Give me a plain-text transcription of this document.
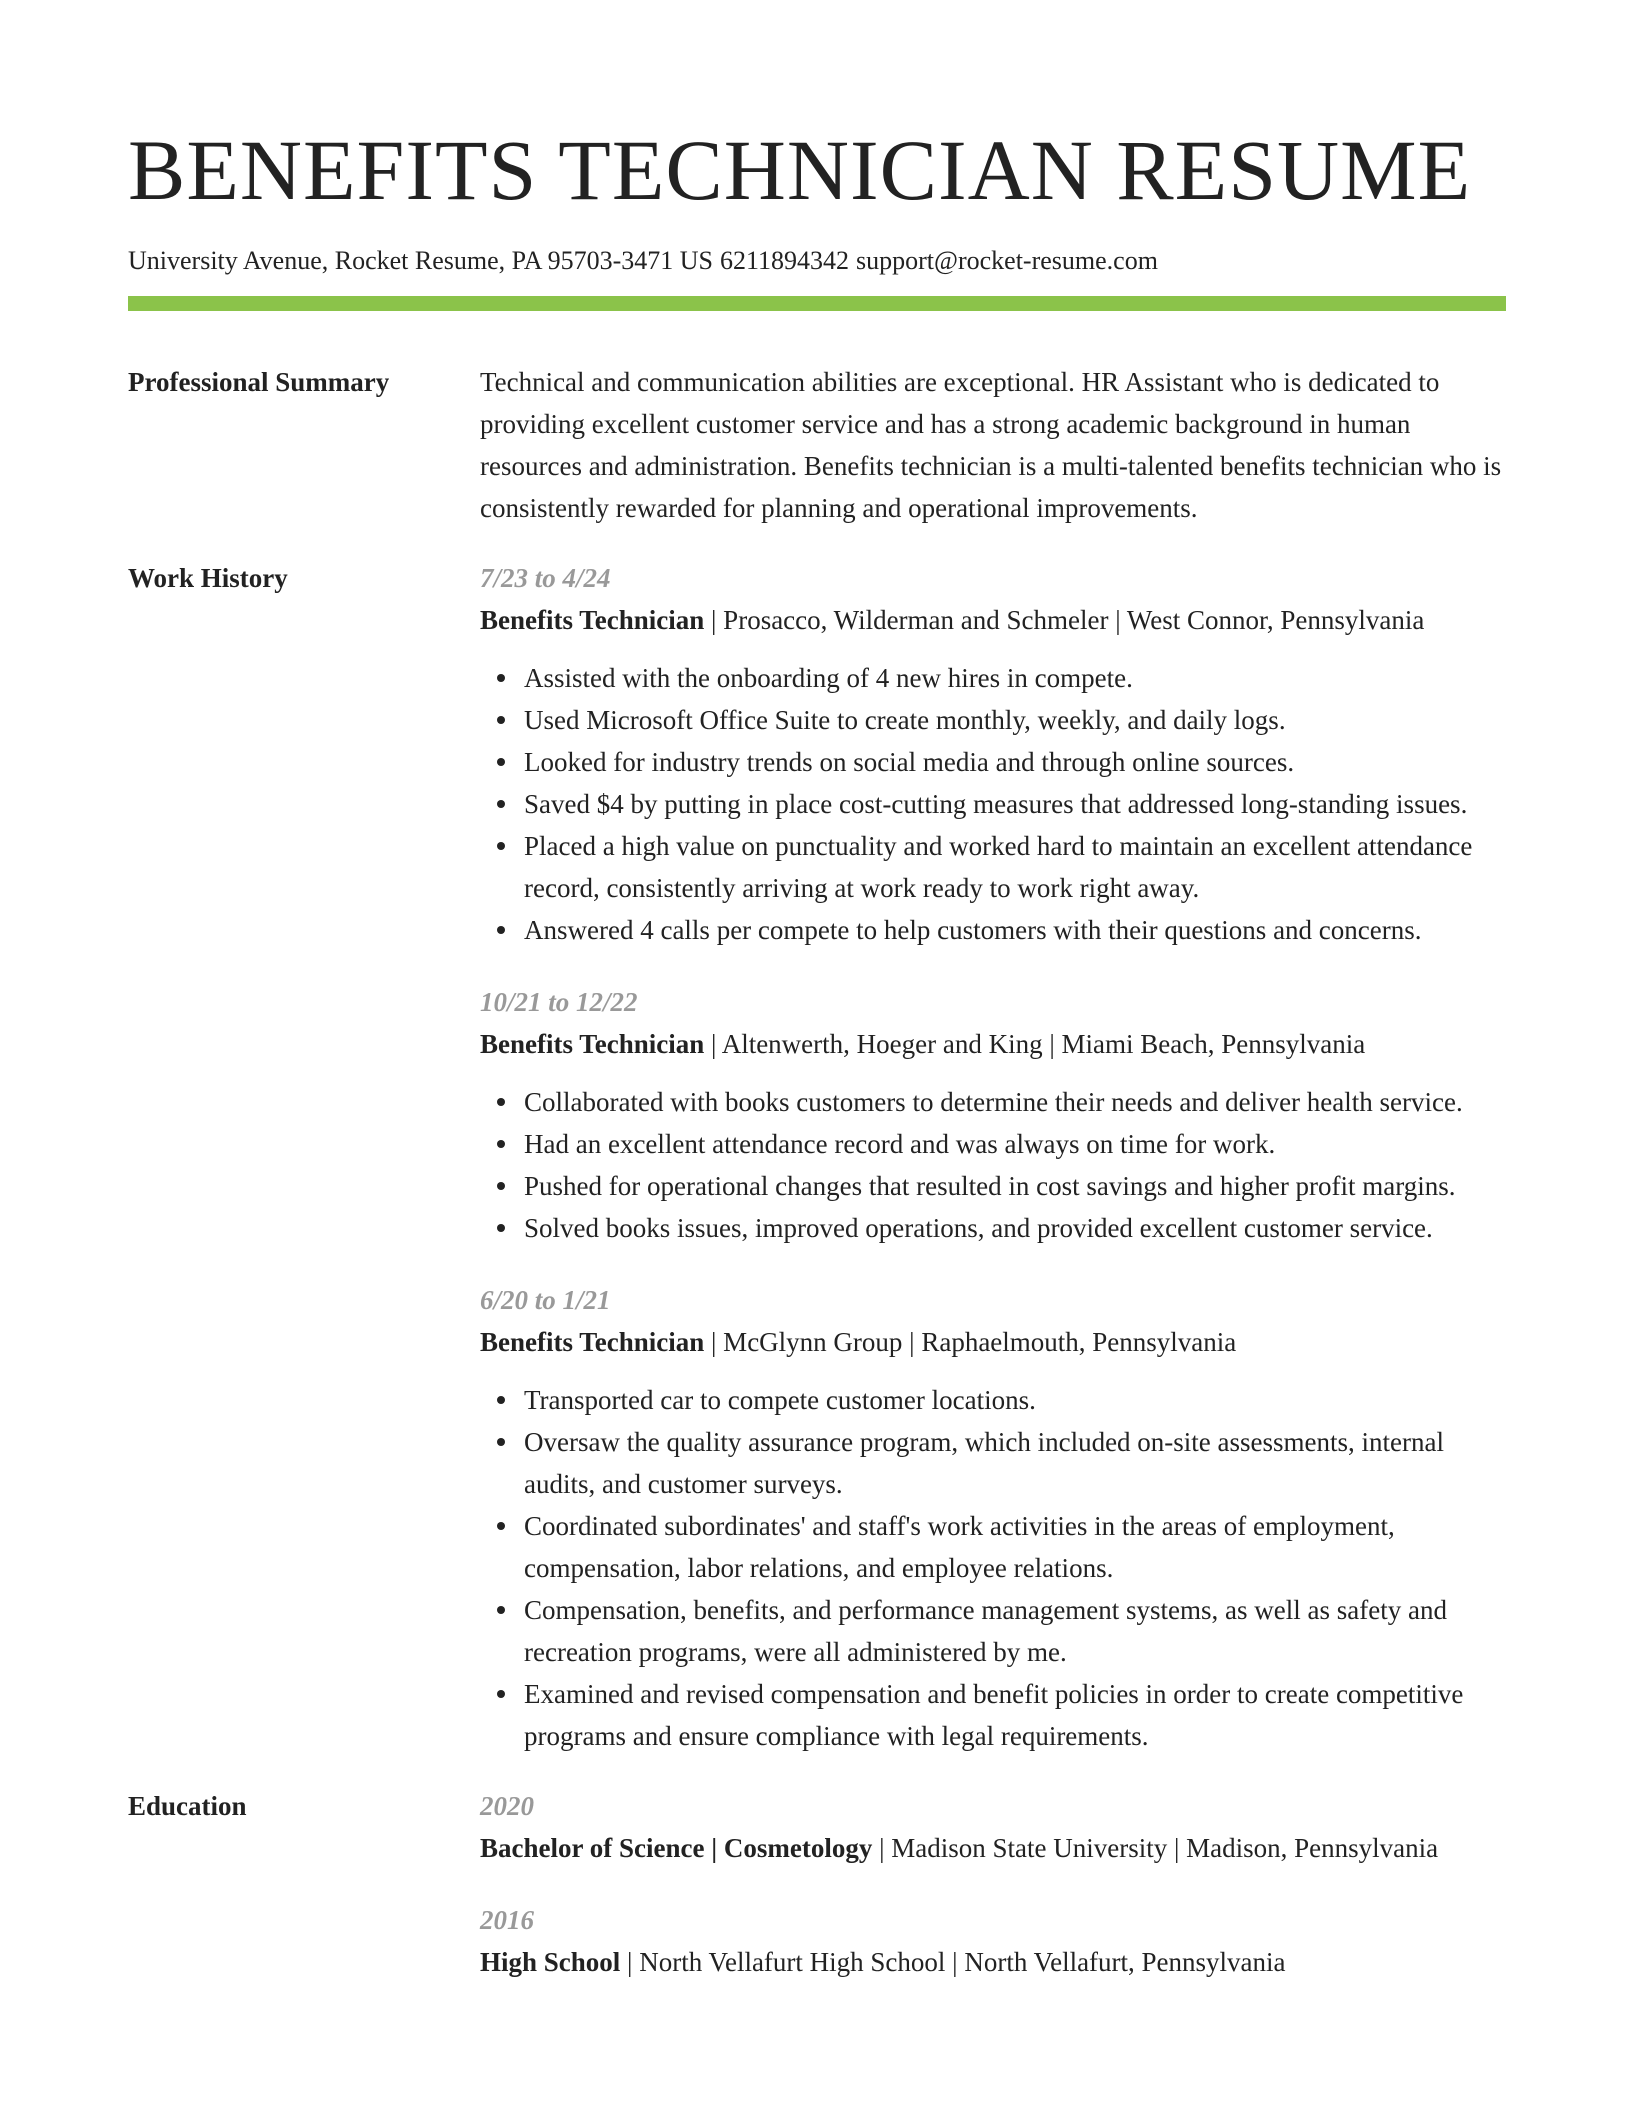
BENEFITS TECHNICIAN RESUME
University Avenue, Rocket Resume, PA 95703-3471 US 6211894342 support@rocket-resume.com
Professional Summary	Technical and communication abilities are exceptional. HR Assistant who is dedicated to providing excellent customer service and has a strong academic background in human resources and administration. Benefits technician is a multi-talented benefits technician who is consistently rewarded for planning and operational improvements.

Work History	7/23 to 4/24
Benefits Technician | Prosacco, Wilderman and Schmeler | West Connor, Pennsylvania
Assisted with the onboarding of 4 new hires in compete.
Used Microsoft Office Suite to create monthly, weekly, and daily logs.
Looked for industry trends on social media and through online sources.
Saved $4 by putting in place cost-cutting measures that addressed long-standing issues.
Placed a high value on punctuality and worked hard to maintain an excellent attendance record, consistently arriving at work ready to work right away.
Answered 4 calls per compete to help customers with their questions and concerns.
10/21 to 12/22
Benefits Technician | Altenwerth, Hoeger and King | Miami Beach, Pennsylvania
Collaborated with books customers to determine their needs and deliver health service.
Had an excellent attendance record and was always on time for work.
Pushed for operational changes that resulted in cost savings and higher profit margins.
Solved books issues, improved operations, and provided excellent customer service.
6/20 to 1/21
Benefits Technician | McGlynn Group | Raphaelmouth, Pennsylvania
Transported car to compete customer locations.
Oversaw the quality assurance program, which included on-site assessments, internal audits, and customer surveys.
Coordinated subordinates' and staff's work activities in the areas of employment, compensation, labor relations, and employee relations.
Compensation, benefits, and performance management systems, as well as safety and recreation programs, were all administered by me.
Examined and revised compensation and benefit policies in order to create competitive programs and ensure compliance with legal requirements.
Education	2020
Bachelor of Science | Cosmetology | Madison State University | Madison, Pennsylvania
2016
High School | North Vellafurt High School | North Vellafurt, Pennsylvania
